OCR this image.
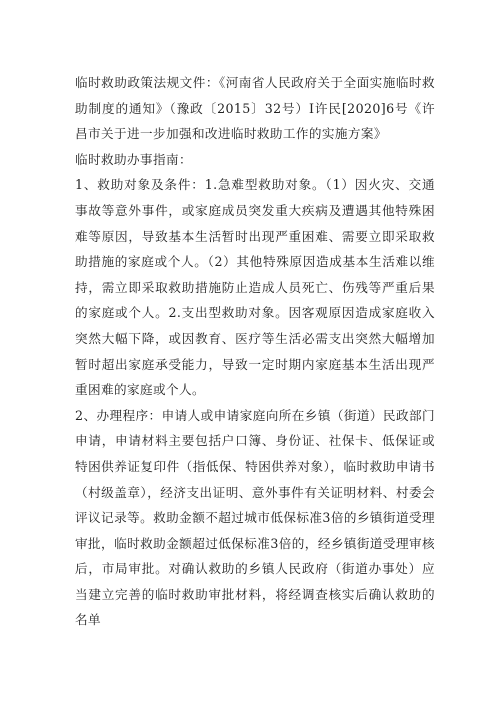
临时救助政策法规文件：《河南省人民政府关于全面实施临时救助制度的通知》（豫政〔2015〕32号）I许民[2020]6号《许昌市关于进一步加强和改进临时救助工作的实施方案》

临时救助办事指南：

1、救助对象及条件：1.急难型救助对象。（1）因火灾、交通事故等意外事件，或家庭成员突发重大疾病及遭遇其他特殊困难等原因，导致基本生活暂时出现严重困难、需要立即采取救助措施的家庭或个人。（2）其他特殊原因造成基本生活难以维持，需立即采取救助措施防止造成人员死亡、伤残等严重后果的家庭或个人。2.支出型救助对象。因客观原因造成家庭收入突然大幅下降，或因教育、医疗等生活必需支出突然大幅增加暂时超出家庭承受能力，导致一定时期内家庭基本生活出现严重困难的家庭或个人。

2、办理程序：申请人或申请家庭向所在乡镇（街道）民政部门申请，申请材料主要包括户口簿、身份证、社保卡、低保证或特困供养证复印件（指低保、特困供养对象），临时救助申请书（村级盖章），经济支出证明、意外事件有关证明材料、村委会评议记录等。救助金额不超过城市低保标准3倍的乡镇街道受理审批，临时救助金额超过低保标准3倍的，经乡镇街道受理审核后，市局审批。对确认救助的乡镇人民政府（街道办事处）应当建立完善的临时救助审批材料，将经调查核实后确认救助的名单
